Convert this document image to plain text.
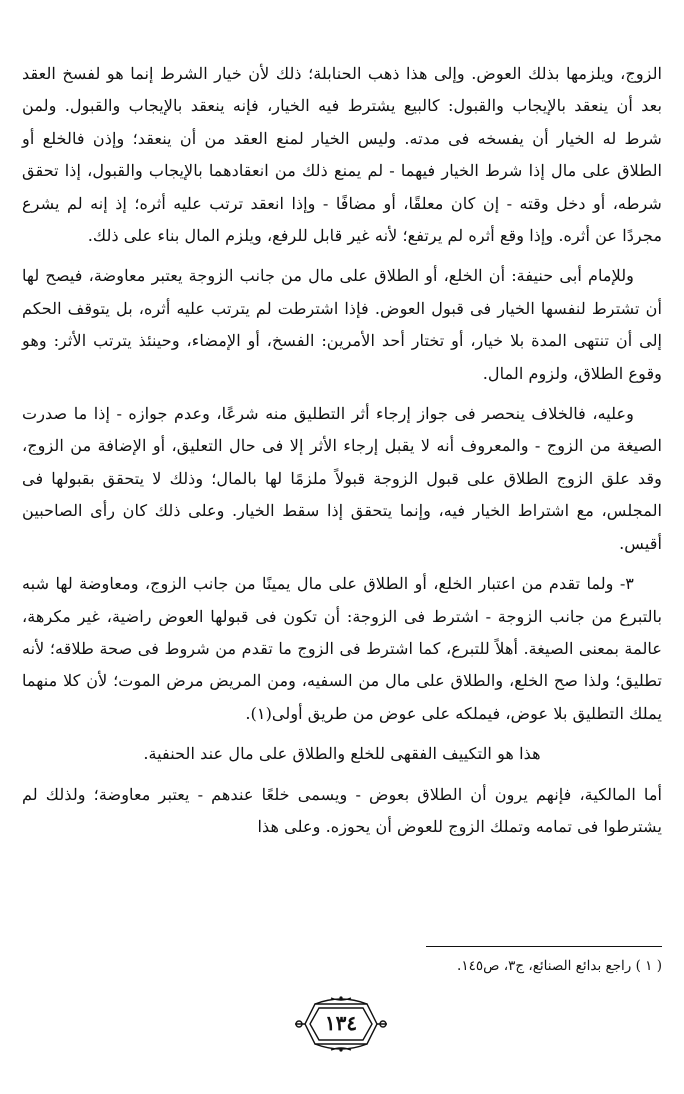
الزوج، ويلزمها بذلك العوض. وإلى هذا ذهب الحنابلة؛ ذلك لأن خيار الشرط إنما هو لفسخ العقد بعد أن ينعقد بالإيجاب والقبول: كالبيع يشترط فيه الخيار، فإنه ينعقد بالإيجاب والقبول. ولمن شرط له الخيار أن يفسخه فى مدته. وليس الخيار لمنع العقد من أن ينعقد؛ وإذن فالخلع أو الطلاق على مال إذا شرط الخيار فيهما - لم يمنع ذلك من انعقادهما بالإيجاب والقبول، إذا تحقق شرطه، أو دخل وقته - إن كان معلقًا، أو مضافًا - وإذا انعقد ترتب عليه أثره؛ إذ إنه لم يشرع مجردًا عن أثره. وإذا وقع أثره لم يرتفع؛ لأنه غير قابل للرفع، ويلزم المال بناء على ذلك.

وللإمام أبى حنيفة: أن الخلع، أو الطلاق على مال من جانب الزوجة يعتبر معاوضة، فيصح لها أن تشترط لنفسها الخيار فى قبول العوض. فإذا اشترطت لم يترتب عليه أثره، بل يتوقف الحكم إلى أن تنتهى المدة بلا خيار، أو تختار أحد الأمرين: الفسخ، أو الإمضاء، وحينئذ يترتب الأثر: وهو وقوع الطلاق، ولزوم المال.

وعليه، فالخلاف ينحصر فى جواز إرجاء أثر التطليق منه شرعًا، وعدم جوازه - إذا ما صدرت الصيغة من الزوج - والمعروف أنه لا يقبل إرجاء الأثر إلا فى حال التعليق، أو الإضافة من الزوج، وقد علق الزوج الطلاق على قبول الزوجة قبولاً ملزمًا لها بالمال؛ وذلك لا يتحقق بقبولها فى المجلس، مع اشتراط الخيار فيه، وإنما يتحقق إذا سقط الخيار. وعلى ذلك كان رأى الصاحبين أقيس.

٣- ولما تقدم من اعتبار الخلع، أو الطلاق على مال يمينًا من جانب الزوج، ومعاوضة لها شبه بالتبرع من جانب الزوجة - اشترط فى الزوجة: أن تكون فى قبولها العوض راضية، غير مكرهة، عالمة بمعنى الصيغة. أهلاً للتبرع، كما اشترط فى الزوج ما تقدم من شروط فى صحة طلاقه؛ لأنه تطليق؛ ولذا صح الخلع، والطلاق على مال من السفيه، ومن المريض مرض الموت؛ لأن كلا منهما يملك التطليق بلا عوض، فيملكه على عوض من طريق أولى(١).

هذا هو التكييف الفقهى للخلع والطلاق على مال عند الحنفية.

أما المالكية، فإنهم يرون أن الطلاق بعوض - ويسمى خلعًا عندهم - يعتبر معاوضة؛ ولذلك لم يشترطوا فى تمامه وتملك الزوج للعوض أن يحوزه. وعلى هذا

( ١ ) راجع بدائع الصنائع، ج٣، ص١٤٥.
١٣٤
